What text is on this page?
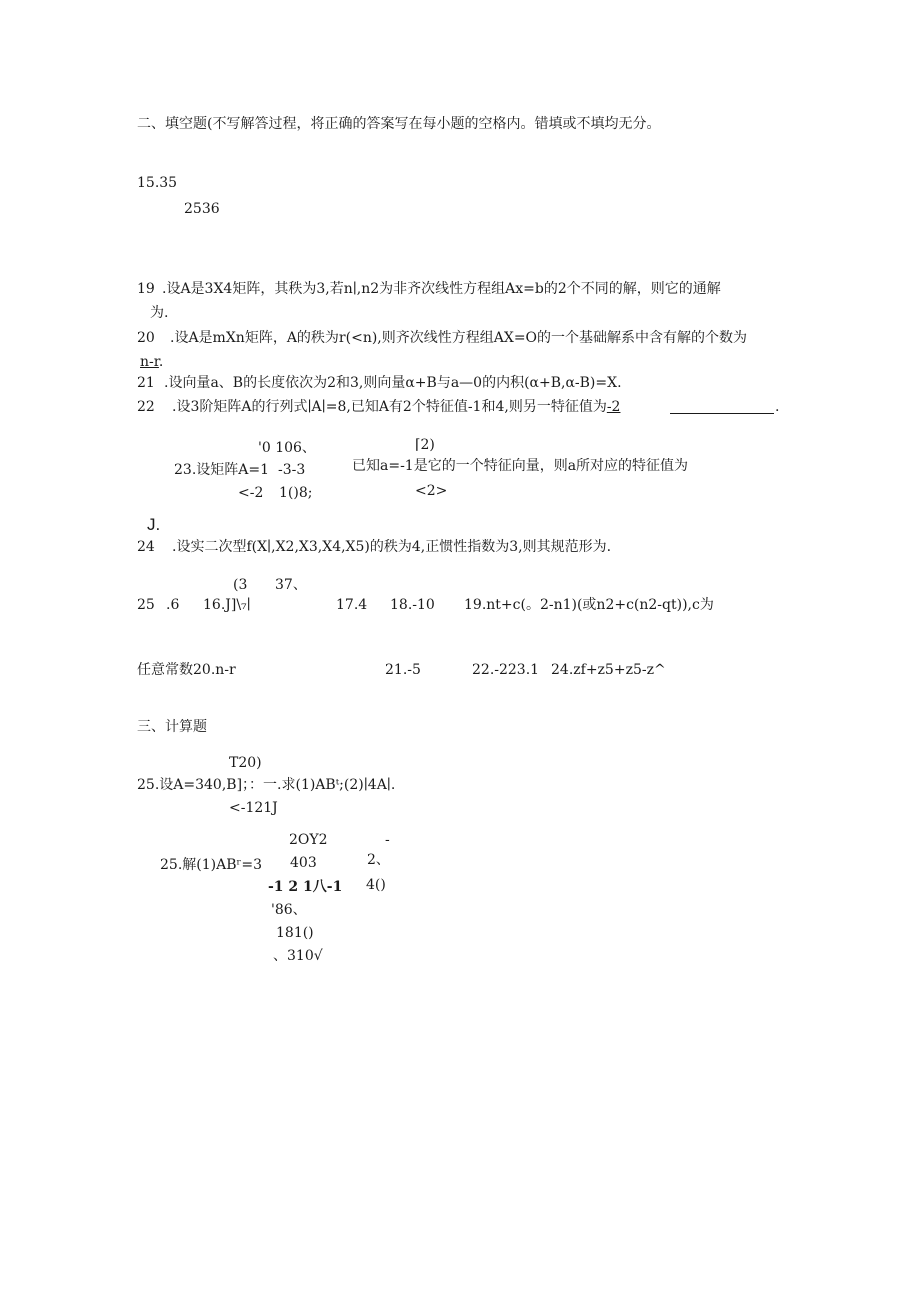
二、填空题(不写解答过程，将正确的答案写在每小题的空格内。错填或不填均无分。
15.35
2536
19 .设A是3X4矩阵，其秩为3,若n∣,n2为非齐次线性方程组Ax=b的2个不同的解，则它的通解
为.
20 .设A是mXn矩阵，A的秩为r(<n),则齐次线性方程组AX=O的一个基础解系中含有解的个数为
n-r.
21 .设向量a、B的长度依次为2和3,则向量α+B与a—0的内积(α+B,α-B)=X.
22 .设3阶矩阵A的行列式∣A∣=8,已知A有2个特征值-1和4,则另一特征值为-2	.
'0 106、	⌈2)
23.设矩阵A=1 -3-3	已知a=-1是它的一个特征向量，则a所对应的特征值为
<-2 1()8;	<2>
J.
24 .设实二次型f(X∣,X2,X3,X4,X5)的秩为4,正惯性指数为3,则其规范形为.
(3 37、
25 .6 16.J]\₇∣	17.4 18.-10 19.nt+c(。2-n1)(或n2+c(n2-qt)),c为
任意常数20.n-r	21.-5	22.-223.1 24.zf+z5+z5-z^
三、计算题
T20)
25.设A=340,B]；：一.求(1)ABᵗ;(2)∣4A∣.
<-121J
2OY2	-
403	2、
25.解(1)ABʳ=3
-1 2 1八-1 4()
'86、
181()
、310√
